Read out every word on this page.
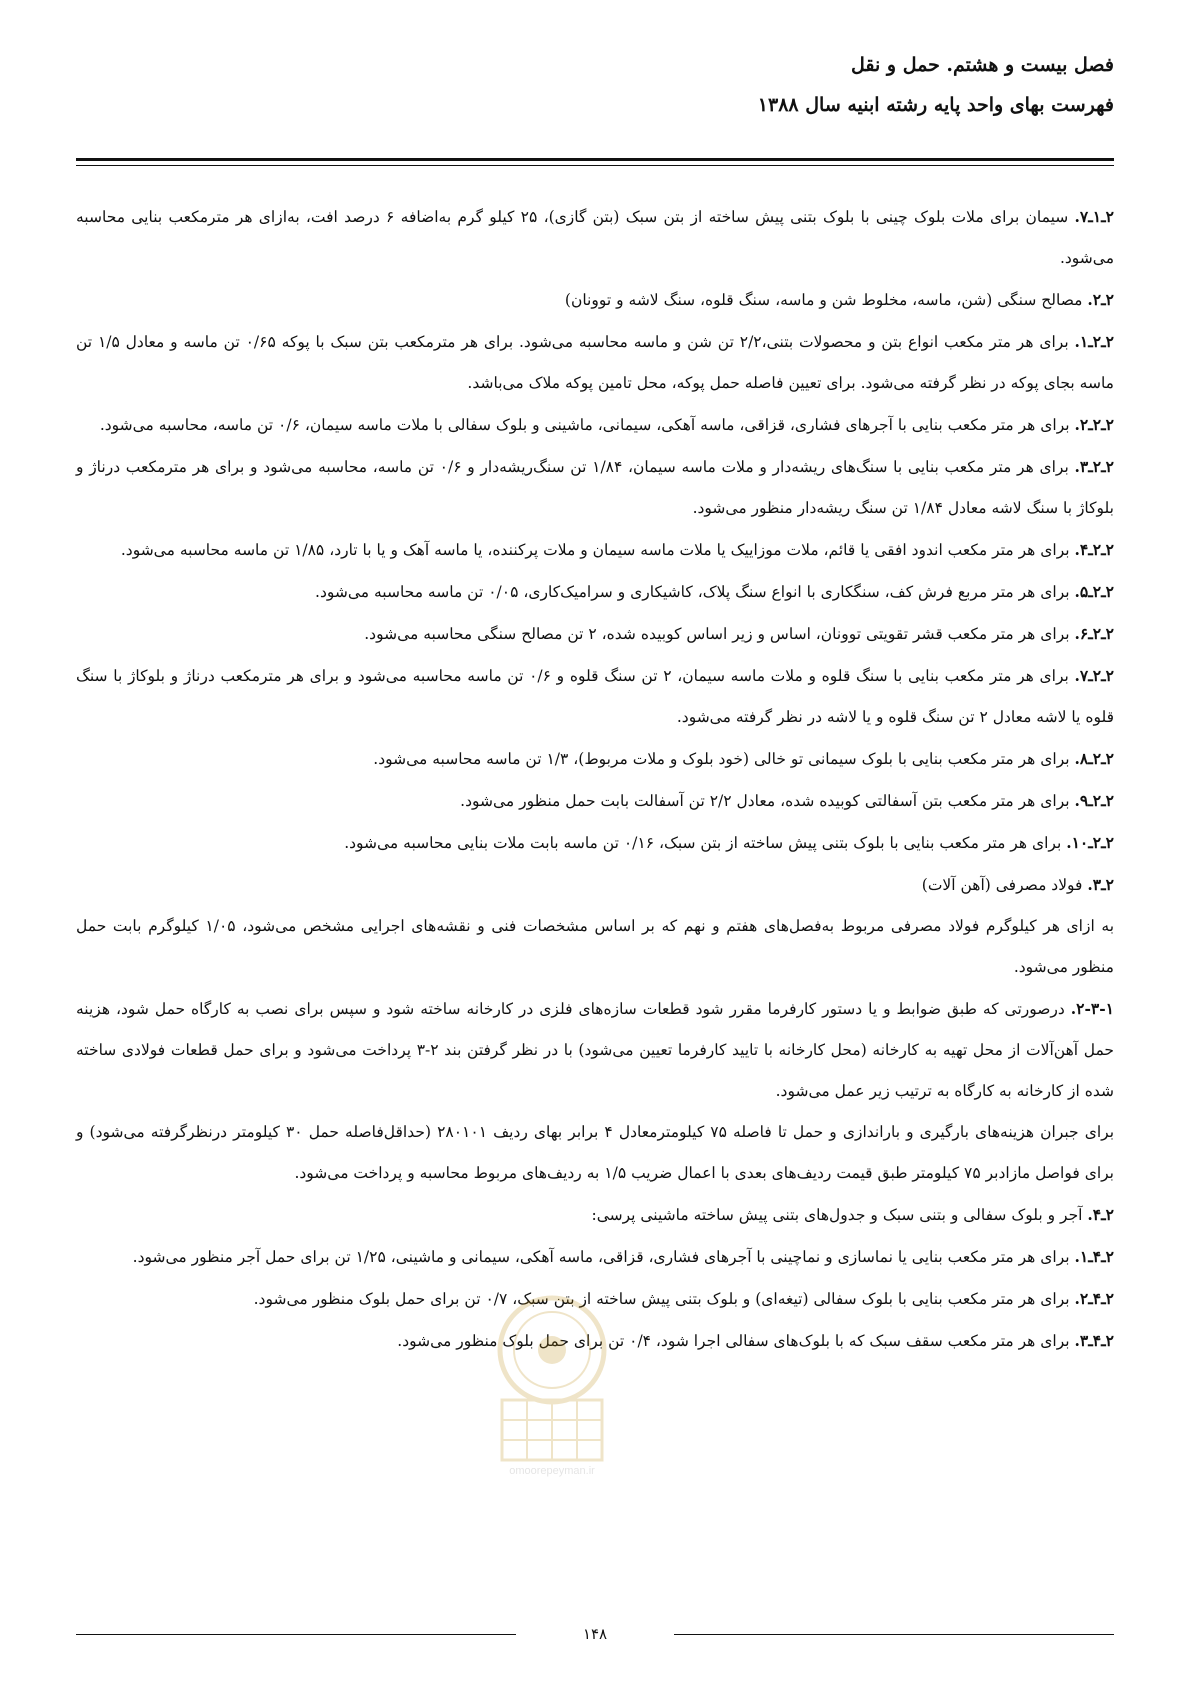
فصل بیست و هشتم. حمل و نقل
فهرست بهای واحد پایه رشته ابنیه سال ۱۳۸۸
۲ـ۱ـ۷. سیمان برای ملات بلوک چینی با بلوک بتنی پیش ساخته از بتن سبک (بتن گازی)، ۲۵ کیلو گرم به‌اضافه ۶ درصد افت، به‌ازای هر مترمکعب بنایی محاسبه می‌شود.
۲ـ۲. مصالح سنگی (شن، ماسه، مخلوط شن و ماسه، سنگ قلوه، سنگ لاشه و توونان)
۲ـ۲ـ۱. برای هر متر مکعب انواع بتن و محصولات بتنی،۲/۲ تن شن و ماسه محاسبه می‌شود. برای هر مترمکعب بتن سبک با پوکه ۰/۶۵ تن ماسه و معادل ۱/۵ تن ماسه بجای پوکه در نظر گرفته می‌شود. برای تعیین فاصله حمل پوکه، محل تامین پوکه ملاک می‌باشد.
۲ـ۲ـ۲. برای هر متر مکعب بنایی با آجرهای فشاری، قزاقی، ماسه آهکی، سیمانی، ماشینی و بلوک سفالی با ملات ماسه سیمان، ۰/۶ تن ماسه، محاسبه می‌شود.
۲ـ۲ـ۳. برای هر متر مکعب بنایی با سنگ‌های ریشه‌دار و ملات ماسه سیمان، ۱/۸۴ تن سنگ‌ریشه‌دار و ۰/۶ تن ماسه، محاسبه می‌شود و برای هر مترمکعب درناژ و بلوکاژ با سنگ لاشه معادل ۱/۸۴ تن سنگ ریشه‌دار منظور می‌شود.
۲ـ۲ـ۴. برای هر متر مکعب اندود افقی یا قائم، ملات موزاییک یا ملات ماسه سیمان و ملات پرکننده، یا ماسه آهک و یا با تارد، ۱/۸۵ تن ماسه محاسبه می‌شود.
۲ـ۲ـ۵. برای هر متر مربع فرش کف، سنگکاری با انواع سنگ پلاک، کاشیکاری و سرامیک‌کاری، ۰/۰۵ تن ماسه محاسبه می‌شود.
۲ـ۲ـ۶. برای هر متر مکعب قشر تقویتی توونان، اساس و زیر اساس کوبیده شده، ۲ تن مصالح سنگی محاسبه می‌شود.
۲ـ۲ـ۷. برای هر متر مکعب بنایی با سنگ قلوه و ملات ماسه سیمان، ۲ تن سنگ قلوه و ۰/۶ تن ماسه محاسبه می‌شود و برای هر مترمکعب درناژ و بلوکاژ با سنگ قلوه یا لاشه معادل ۲ تن سنگ قلوه و یا لاشه در نظر گرفته می‌شود.
۲ـ۲ـ۸. برای هر متر مکعب بنایی با بلوک سیمانی تو خالی (خود بلوک و ملات مربوط)، ۱/۳ تن ماسه محاسبه می‌شود.
۲ـ۲ـ۹. برای هر متر مکعب بتن آسفالتی کوبیده شده، معادل ۲/۲ تن آسفالت بابت حمل منظور می‌شود.
۲ـ۲ـ۱۰. برای هر متر مکعب بنایی با بلوک بتنی پیش ساخته از بتن سبک، ۰/۱۶ تن ماسه بابت ملات بنایی محاسبه می‌شود.
۲ـ۳. فولاد مصرفی (آهن آلات)
به ازای هر کیلوگرم فولاد مصرفی مربوط به‌فصل‌های هفتم و نهم که بر اساس مشخصات فنی و نقشه‌های اجرایی مشخص می‌شود، ۱/۰۵ کیلوگرم بابت حمل منظور می‌شود.
۲-۳-۱. درصورتی که طبق ضوابط و یا دستور کارفرما مقرر شود قطعات سازه‌های فلزی در کارخانه ساخته شود و سپس برای نصب به کارگاه حمل شود، هزینه حمل آهن‌آلات از محل تهیه به کارخانه (محل کارخانه با تایید کارفرما تعیین می‌شود) با در نظر گرفتن بند ۲-۳ پرداخت می‌شود و برای حمل قطعات فولادی ساخته شده از کارخانه به کارگاه به ترتیب زیر عمل می‌شود.
برای جبران هزینه‌های بارگیری و باراندازی و حمل تا فاصله ۷۵ کیلومترمعادل ۴ برابر بهای ردیف ۲۸۰۱۰۱ (حداقل‌فاصله حمل ۳۰ کیلومتر درنظرگرفته می‌شود) و برای فواصل مازادبر ۷۵ کیلومتر طبق قیمت ردیف‌های بعدی با اعمال ضریب ۱/۵ به ردیف‌های مربوط محاسبه و پرداخت می‌شود.
۲ـ۴. آجر و بلوک سفالی و بتنی سبک و جدول‌های بتنی پیش ساخته ماشینی پرسی:
۲ـ۴ـ۱. برای هر متر مکعب بنایی یا نماسازی و نماچینی با آجرهای فشاری، قزاقی، ماسه آهکی، سیمانی و ماشینی، ۱/۲۵ تن برای حمل آجر منظور می‌شود.
۲ـ۴ـ۲. برای هر متر مکعب بنایی با بلوک سفالی (تیغه‌ای) و بلوک بتنی پیش ساخته از بتن سبک، ۰/۷ تن برای حمل بلوک منظور می‌شود.
۲ـ۴ـ۳. برای هر متر مکعب سقف سبک که با بلوک‌های سفالی اجرا شود، ۰/۴ تن برای حمل بلوک منظور می‌شود.
omoorepeyman.ir
۱۴۸
